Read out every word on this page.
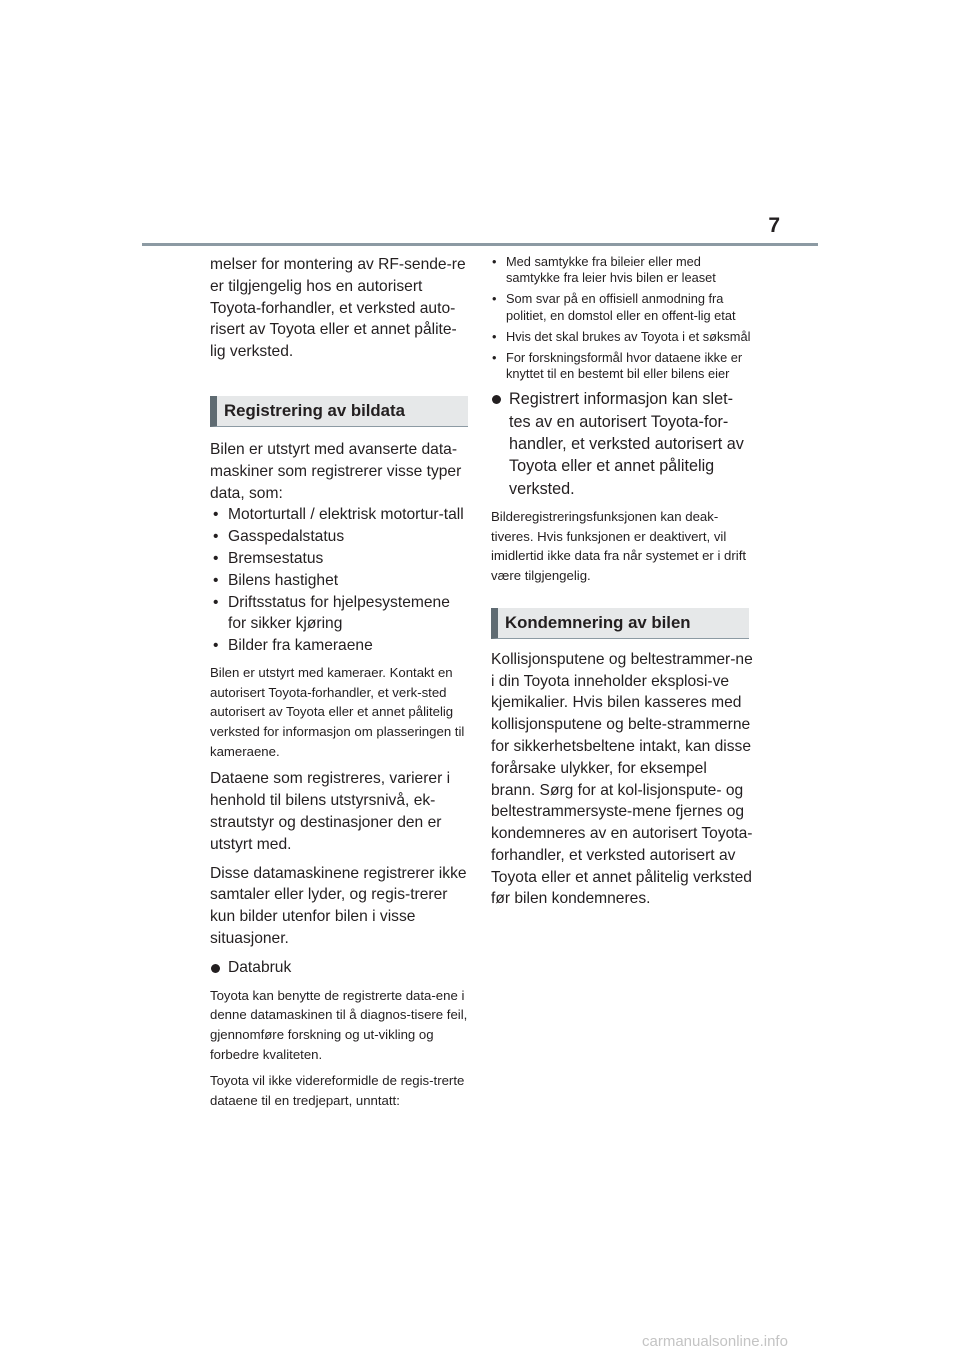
7

melser for montering av RF-sende-re er tilgjengelig hos en autorisert Toyota-forhandler, et verksted auto-risert av Toyota eller et annet pålite-lig verksted.

Registrering av bildata

Bilen er utstyrt med avanserte data-maskiner som registrerer visse typer data, som:

• Motorturtall / elektrisk motortur-tall
• Gasspedalstatus
• Bremsestatus
• Bilens hastighet
• Driftsstatus for hjelpesystemene for sikker kjøring
• Bilder fra kameraene

Bilen er utstyrt med kameraer. Kontakt en autorisert Toyota-forhandler, et verk-sted autorisert av Toyota eller et annet pålitelig verksted for informasjon om plasseringen til kameraene.

Dataene som registreres, varierer i henhold til bilens utstyrsnivå, ek-strautstyr og destinasjoner den er utstyrt med.

Disse datamaskinene registrerer ikke samtaler eller lyder, og regis-trerer kun bilder utenfor bilen i visse situasjoner.

Databruk

Toyota kan benytte de registrerte data-ene i denne datamaskinen til å diagnos-tisere feil, gjennomføre forskning og ut-vikling og forbedre kvaliteten.

Toyota vil ikke videreformidle de regis-trerte dataene til en tredjepart, unntatt:

• Med samtykke fra bileier eller med samtykke fra leier hvis bilen er leaset
• Som svar på en offisiell anmodning fra politiet, en domstol eller en offent-lig etat
• Hvis det skal brukes av Toyota i et søksmål
• For forskningsformål hvor dataene ikke er knyttet til en bestemt bil eller bilens eier
Registrert informasjon kan slet-tes av en autorisert Toyota-for-handler, et verksted autorisert av Toyota eller et annet pålitelig verksted.

Bilderegistreringsfunksjonen kan deak-tiveres. Hvis funksjonen er deaktivert, vil imidlertid ikke data fra når systemet er i drift være tilgjengelig.

Kondemnering av bilen

Kollisjonsputene og beltestrammer-ne i din Toyota inneholder eksplosi-ve kjemikalier. Hvis bilen kasseres med kollisjonsputene og belte-strammerne for sikkerhetsbeltene intakt, kan disse forårsake ulykker, for eksempel brann. Sørg for at kol-lisjonspute- og beltestrammersyste-mene fjernes og kondemneres av en autorisert Toyota-forhandler, et verksted autorisert av Toyota eller et annet pålitelig verksted før bilen kondemneres.

carmanualsonline.info
